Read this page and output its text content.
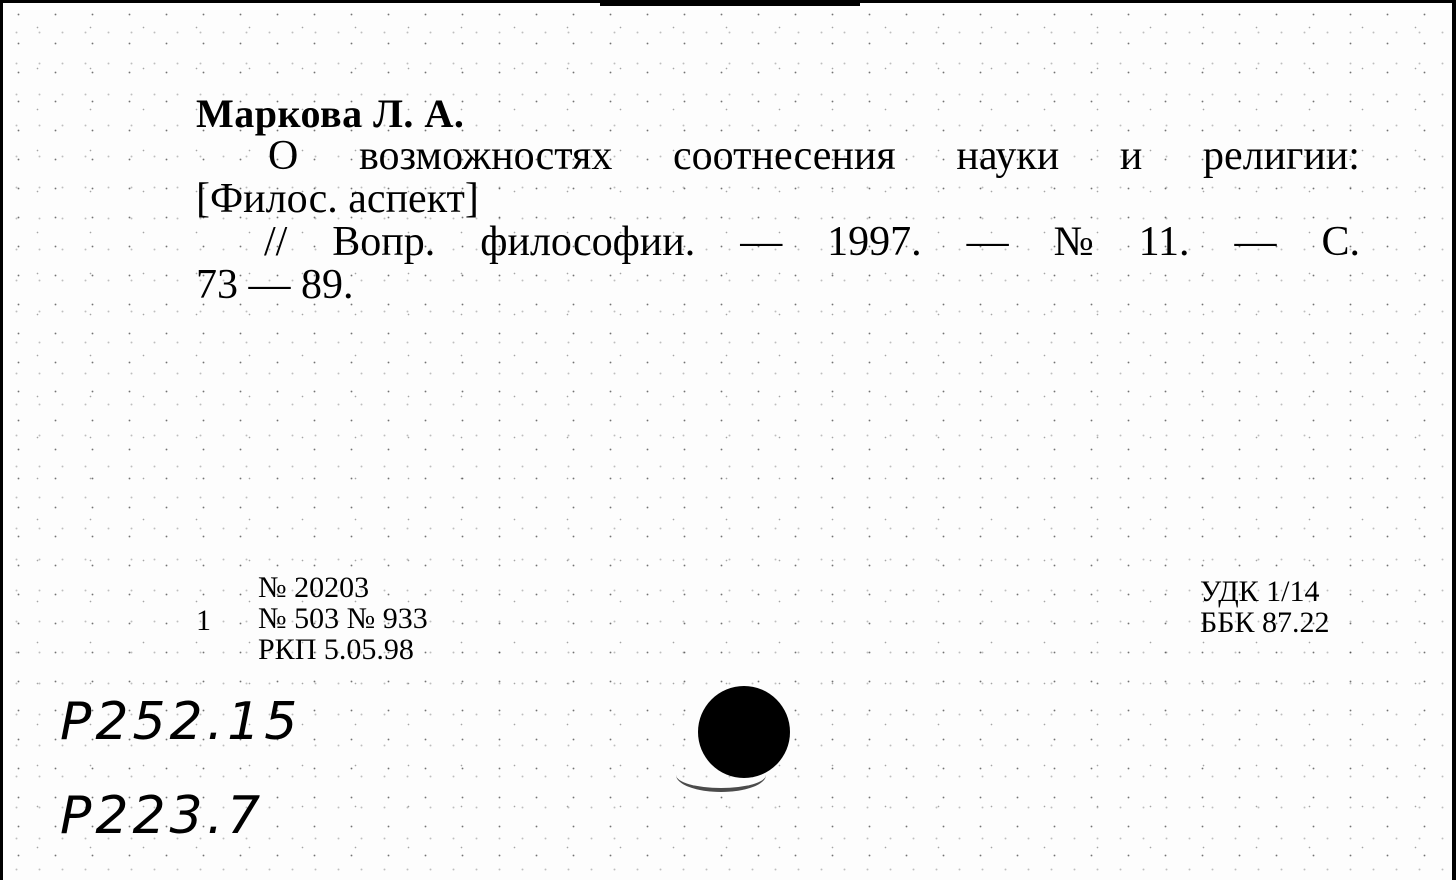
Маркова Л. А.
О возможностях соотнесения науки и религии:
[Филос. аспект]
// Вопр. философии. — 1997. — № 11. — С.
73 — 89.
1
№ 20203
№ 503 № 933
РКП 5.05.98
УДК 1/14
ББК 87.22
Р252.15
Р223.7
